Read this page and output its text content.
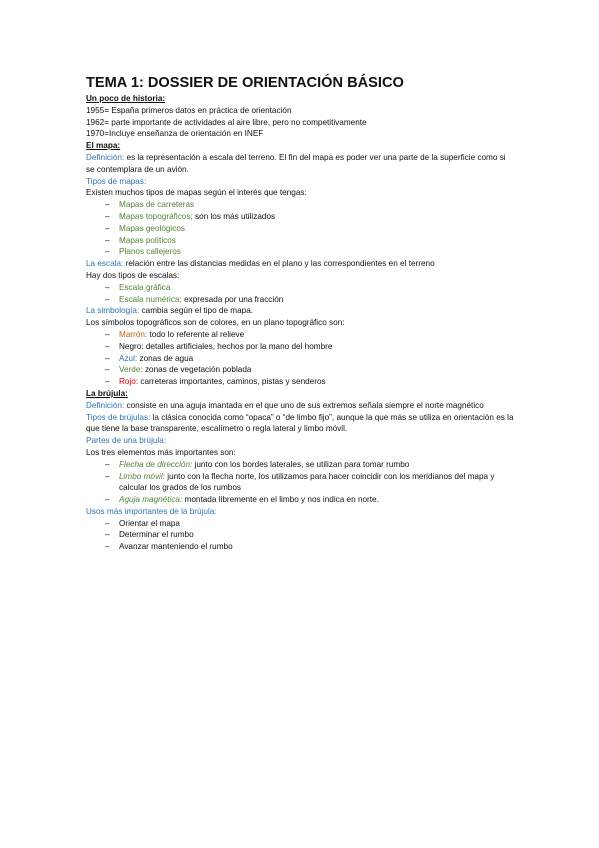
TEMA 1: DOSSIER DE ORIENTACIÓN BÁSICO
Un poco de historia:
1955= España primeros datos en práctica de orientación
1962= parte importante de actividades al aire libre, pero no competitivamente
1970=Incluye enseñanza de orientación en INEF
El mapa:
Definición: es la representación a escala del terreno. El fin del mapa es poder ver una parte de la superficie como si se contemplara de un avión.
Tipos de mapas:
Existen muchos tipos de mapas según el interés que tengas:
– Mapas de carreteras
– Mapas topográficos; son los más utilizados
– Mapas geológicos
– Mapas políticos
– Planos callejeros
La escala: relación entre las distancias medidas en el plano y las correspondientes en el terreno
Hay dos tipos de escalas:
– Escala gráfica
– Escala numérica; expresada por una fracción
La simbología: cambia según el tipo de mapa.
Los símbolos topográficos son de colores, en un plano topográfico son:
– Marrón: todo lo referente al relieve
– Negro: detalles artificiales, hechos por la mano del hombre
– Azul: zonas de agua
– Verde: zonas de vegetación poblada
– Rojo: carreteras importantes, caminos, pistas y senderos
La brújula:
Definición: consiste en una aguja imantada en el que uno de sus extremos señala siempre el norte magnético
Tipos de brújulas: la clásica conocida como “opaca” o “de limbo fijo”, aunque la que más se utiliza en orientación es la que tiene la base transparente, escalímetro o regla lateral y limbo móvil.
Partes de una brújula:
Los tres elementos más importantes son:
– Flecha de dirección: junto con los bordes laterales, se utilizan para tomar rumbo
– Limbo móvil: junto con la flecha norte, los utilizamos para hacer coincidir con los meridianos del mapa y calcular los grados de los rumbos
– Aguja magnética: montada libremente en el limbo y nos indica en norte.
Usos más importantes de la brújula:
– Orientar el mapa
– Determinar el rumbo
– Avanzar manteniendo el rumbo
